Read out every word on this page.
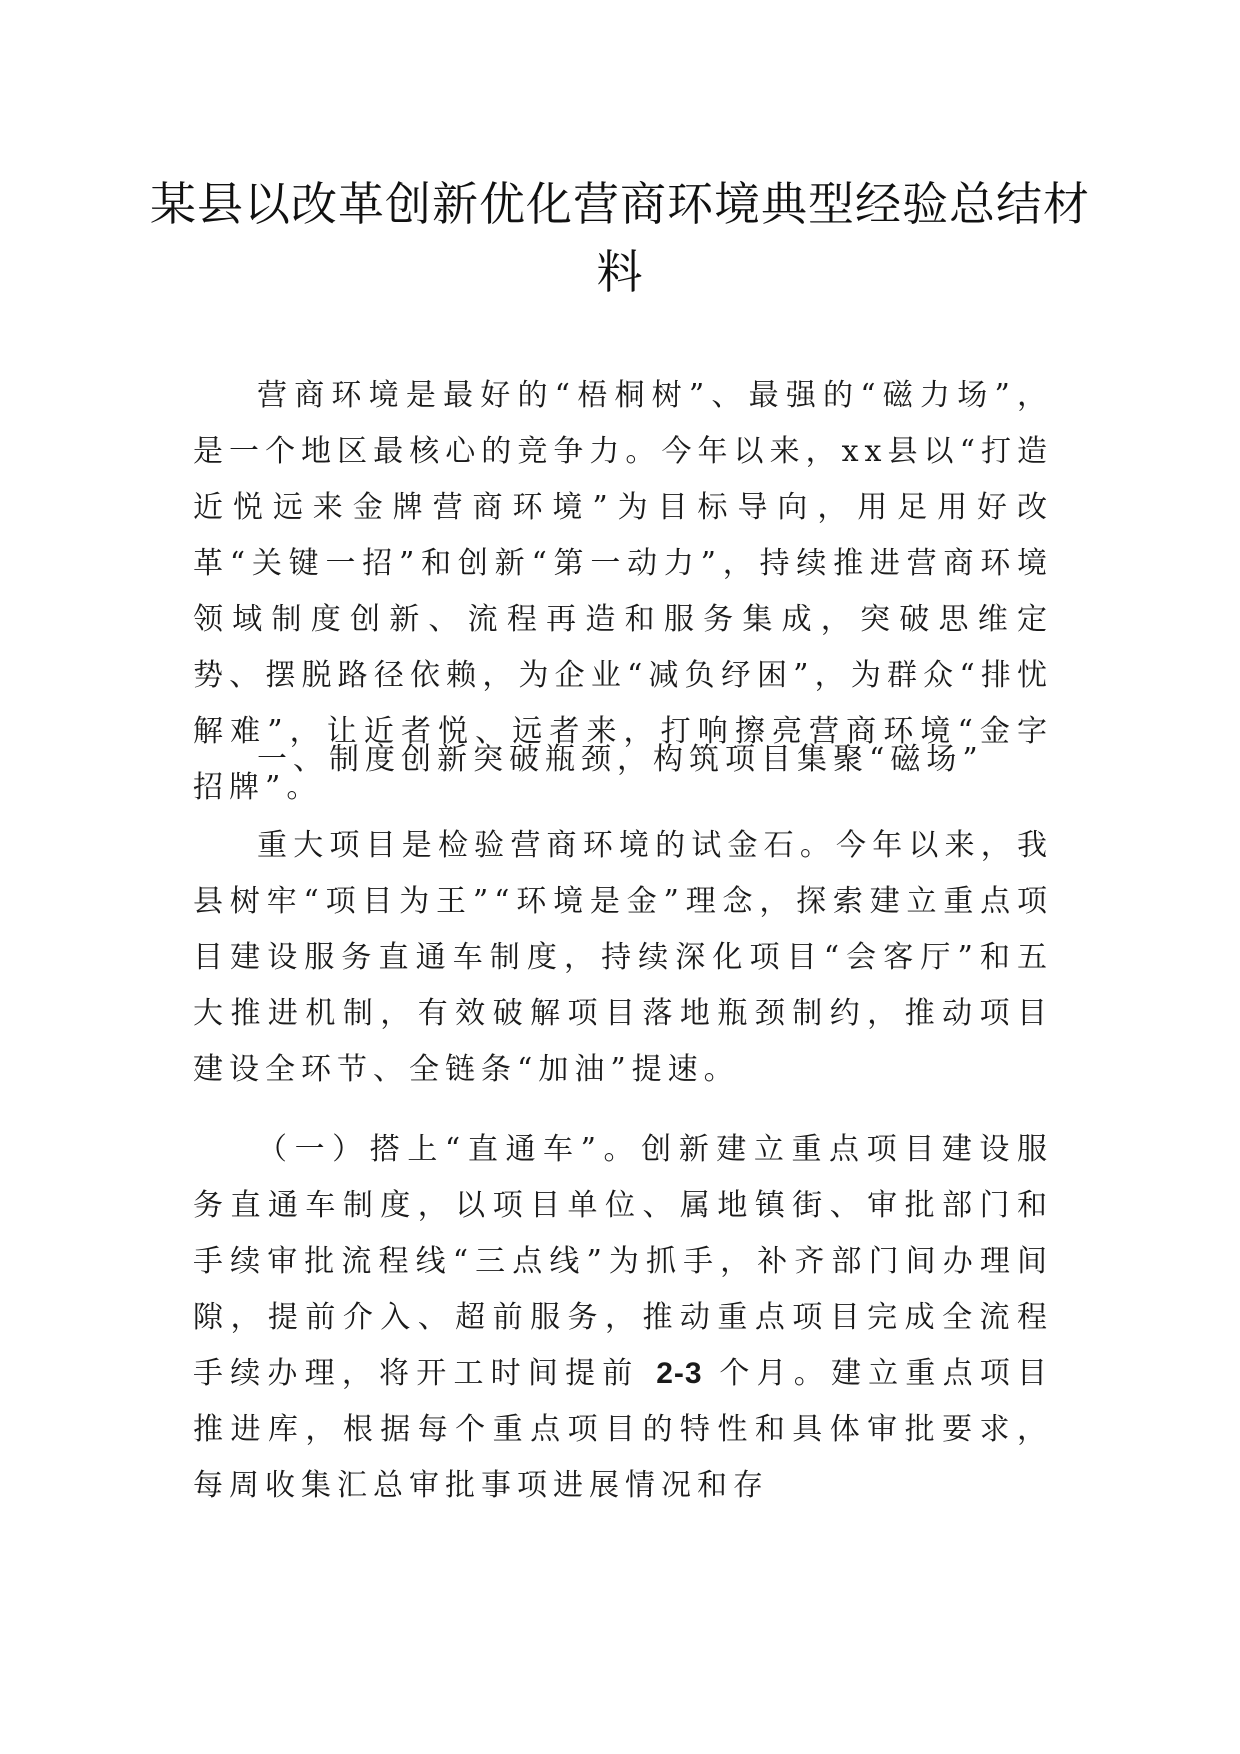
某县以改革创新优化营商环境典型经验总结材料

营商环境是最好的“梧桐树”、最强的“磁力场”，是一个地区最核心的竞争力。今年以来，xx县以“打造近悦远来金牌营商环境”为目标导向，用足用好改革“关键一招”和创新“第一动力”，持续推进营商环境领域制度创新、流程再造和服务集成，突破思维定势、摆脱路径依赖，为企业“减负纾困”，为群众“排忧解难”，让近者悦、远者来，打响擦亮营商环境“金字招牌”。

一、制度创新突破瓶颈，构筑项目集聚“磁场”

重大项目是检验营商环境的试金石。今年以来，我县树牢“项目为王”“环境是金”理念，探索建立重点项目建设服务直通车制度，持续深化项目“会客厅”和五大推进机制，有效破解项目落地瓶颈制约，推动项目建设全环节、全链条“加油”提速。

（一）搭上“直通车”。创新建立重点项目建设服务直通车制度，以项目单位、属地镇街、审批部门和手续审批流程线“三点线”为抓手，补齐部门间办理间隙，提前介入、超前服务，推动重点项目完成全流程手续办理，将开工时间提前 2-3 个月。建立重点项目推进库，根据每个重点项目的特性和具体审批要求，每周收集汇总审批事项进展情况和存
